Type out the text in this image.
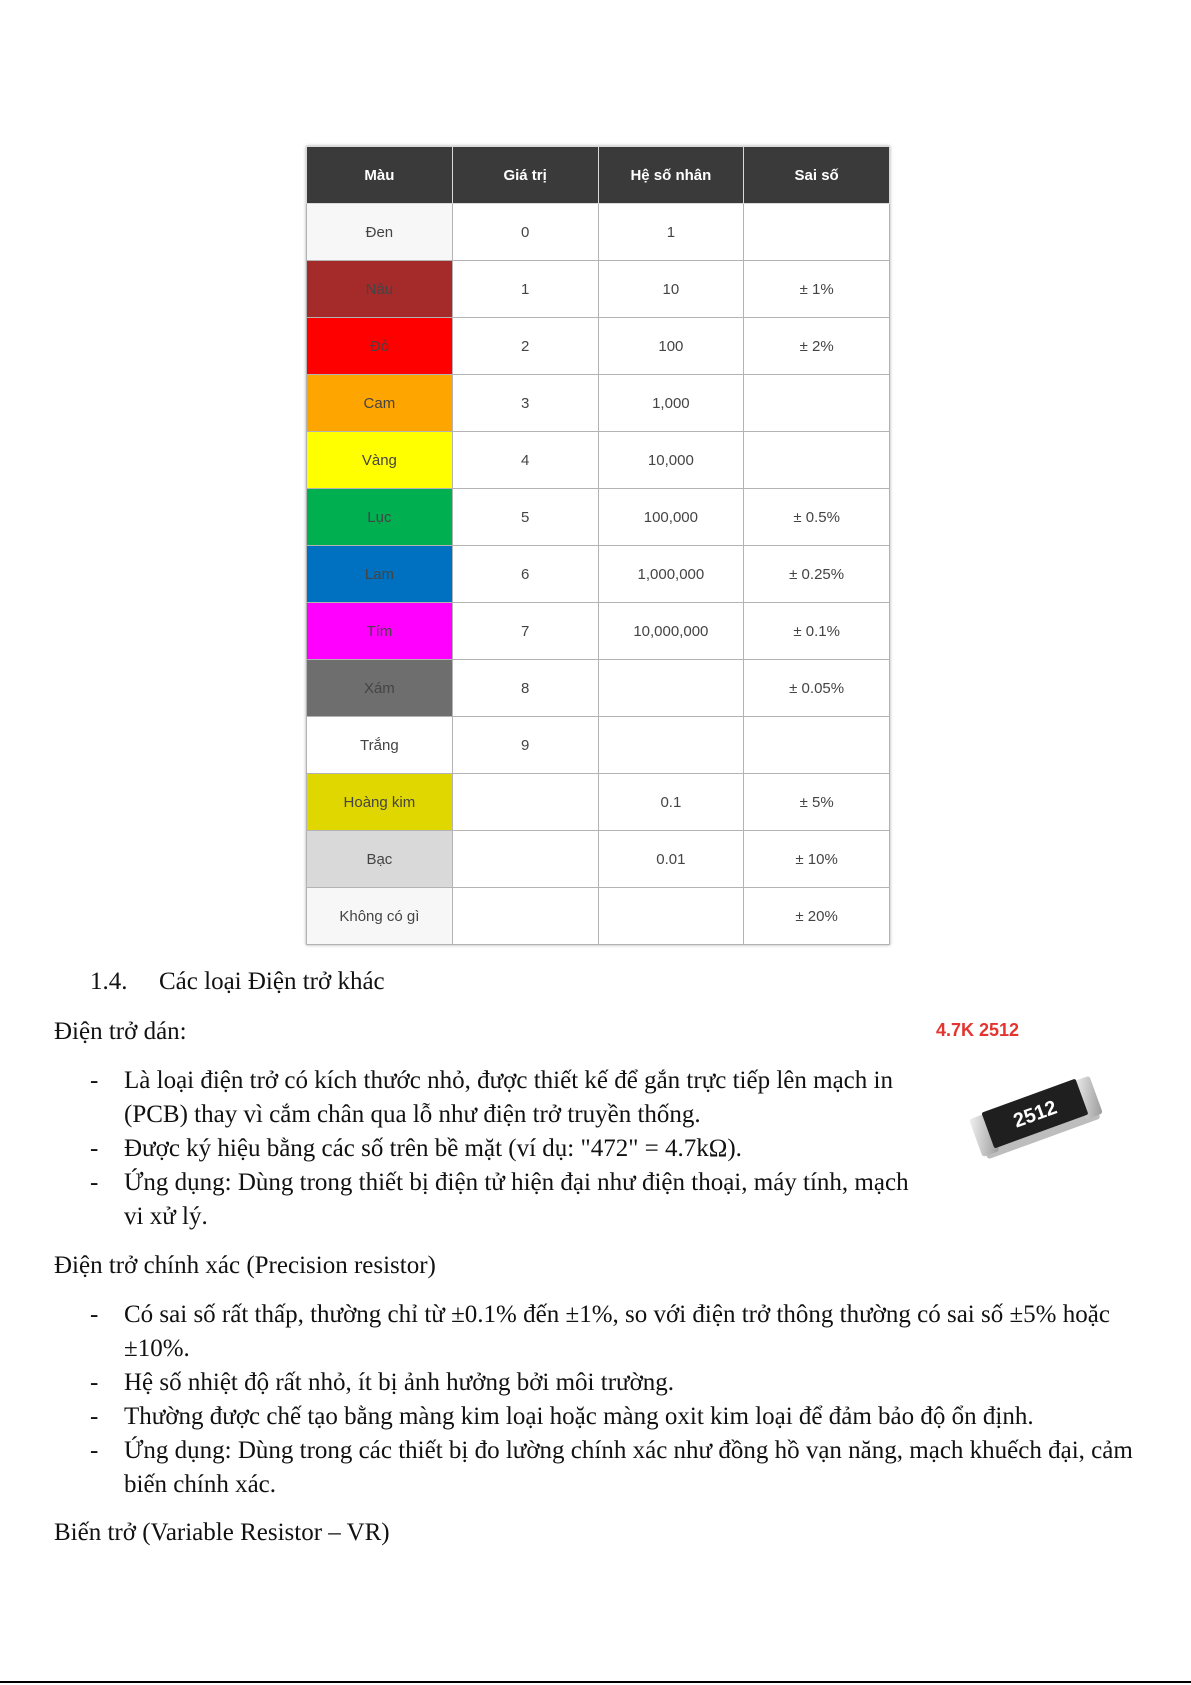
Màu	Giá trị	Hệ số nhân	Sai số
Đen	0	1	
Nâu	1	10	± 1%
Đỏ	2	100	± 2%
Cam	3	1,000	
Vàng	4	10,000	
Lục	5	100,000	± 0.5%
Lam	6	1,000,000	± 0.25%
Tím	7	10,000,000	± 0.1%
Xám	8		± 0.05%
Trắng	9		
Hoàng kim		0.1	± 5%
Bạc		0.01	± 10%
Không có gì			± 20%
1.4. Các loại Điện trở khác
Điện trở dán:
- Là loại điện trở có kích thước nhỏ, được thiết kế để gắn trực tiếp lên mạch in (PCB) thay vì cắm chân qua lỗ như điện trở truyền thống.
- Được ký hiệu bằng các số trên bề mặt (ví dụ: "472" = 4.7kΩ).
- Ứng dụng: Dùng trong thiết bị điện tử hiện đại như điện thoại, máy tính, mạch vi xử lý.
4.7K 2512
2512
Điện trở chính xác (Precision resistor)
- Có sai số rất thấp, thường chỉ từ ±0.1% đến ±1%, so với điện trở thông thường có sai số ±5% hoặc ±10%.
- Hệ số nhiệt độ rất nhỏ, ít bị ảnh hưởng bởi môi trường.
- Thường được chế tạo bằng màng kim loại hoặc màng oxit kim loại để đảm bảo độ ổn định.
- Ứng dụng: Dùng trong các thiết bị đo lường chính xác như đồng hồ vạn năng, mạch khuếch đại, cảm biến chính xác.
Biến trở (Variable Resistor – VR)
